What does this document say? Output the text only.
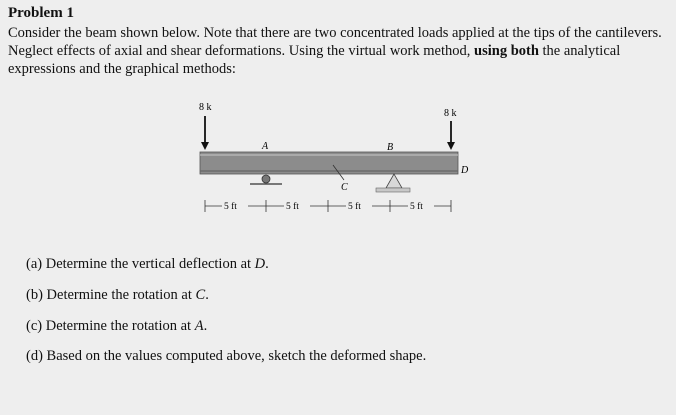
Problem 1
Consider the beam shown below. Note that there are two concentrated loads applied at the tips of the cantilevers. Neglect effects of axial and shear deformations. Using the virtual work method, using both the analytical expressions and the graphical methods:
8 k
8 k
A	B
D
C
5 ft	5 ft	5 ft	5 ft
(a) Determine the vertical deflection at D.
(b) Determine the rotation at C.
(c) Determine the rotation at A.
(d) Based on the values computed above, sketch the deformed shape.
